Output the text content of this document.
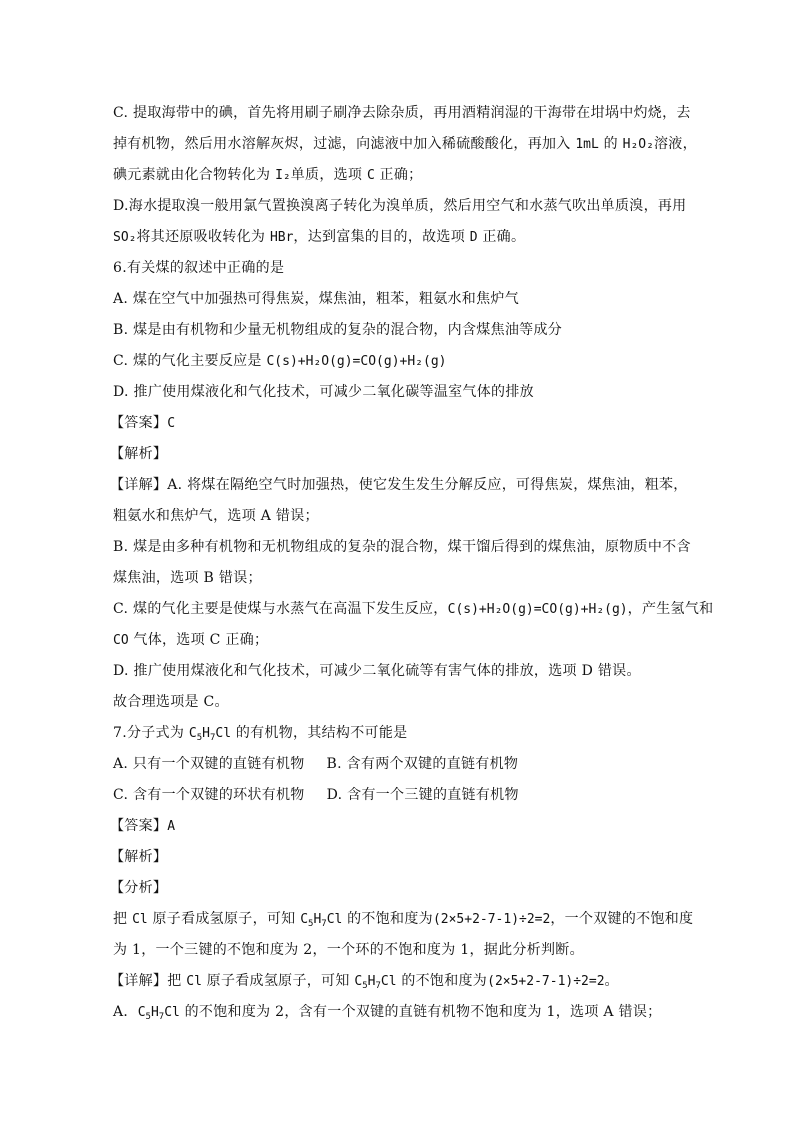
C. 提取海带中的碘，首先将用刷子刷净去除杂质，再用酒精润湿的干海带在坩埚中灼烧，去
掉有机物，然后用水溶解灰烬，过滤，向滤液中加入稀硫酸酸化，再加入 1mL 的 H₂O₂溶液，
碘元素就由化合物转化为 I₂单质，选项 C 正确；
D.海水提取溴一般用氯气置换溴离子转化为溴单质，然后用空气和水蒸气吹出单质溴，再用
SO₂将其还原吸收转化为 HBr，达到富集的目的，故选项 D 正确。
6.有关煤的叙述中正确的是
A. 煤在空气中加强热可得焦炭，煤焦油，粗苯，粗氨水和焦炉气
B. 煤是由有机物和少量无机物组成的复杂的混合物，内含煤焦油等成分
C. 煤的气化主要反应是 C(s)+H₂O(g)=CO(g)+H₂(g)
D. 推广使用煤液化和气化技术，可减少二氧化碳等温室气体的排放
【答案】C
【解析】
【详解】A. 将煤在隔绝空气时加强热，使它发生发生分解反应，可得焦炭，煤焦油，粗苯，
粗氨水和焦炉气，选项 A 错误；
B. 煤是由多种有机物和无机物组成的复杂的混合物，煤干馏后得到的煤焦油，原物质中不含
煤焦油，选项 B 错误；
C. 煤的气化主要是使煤与水蒸气在高温下发生反应，C(s)+H₂O(g)=CO(g)+H₂(g)，产生氢气和
CO 气体，选项 C 正确；
D. 推广使用煤液化和气化技术，可减少二氧化硫等有害气体的排放，选项 D 错误。
故合理选项是 C。
7.分子式为 $C_5H_7Cl$ 的有机物，其结构不可能是
A. 只有一个双键的直链有机物 B. 含有两个双键的直链有机物
C. 含有一个双键的环状有机物 D. 含有一个三键的直链有机物
【答案】A
【解析】
【分析】
把 Cl 原子看成氢原子，可知 $C_5H_7Cl$ 的不饱和度为(2×5+2-7-1)÷2=2，一个双键的不饱和度
为 1，一个三键的不饱和度为 2，一个环的不饱和度为 1，据此分析判断。
【详解】把 Cl 原子看成氢原子，可知 $C_5H_7Cl$ 的不饱和度为(2×5+2-7-1)÷2=2。
A．$C_5H_7Cl$ 的不饱和度为 2，含有一个双键的直链有机物不饱和度为 1，选项 A 错误；
